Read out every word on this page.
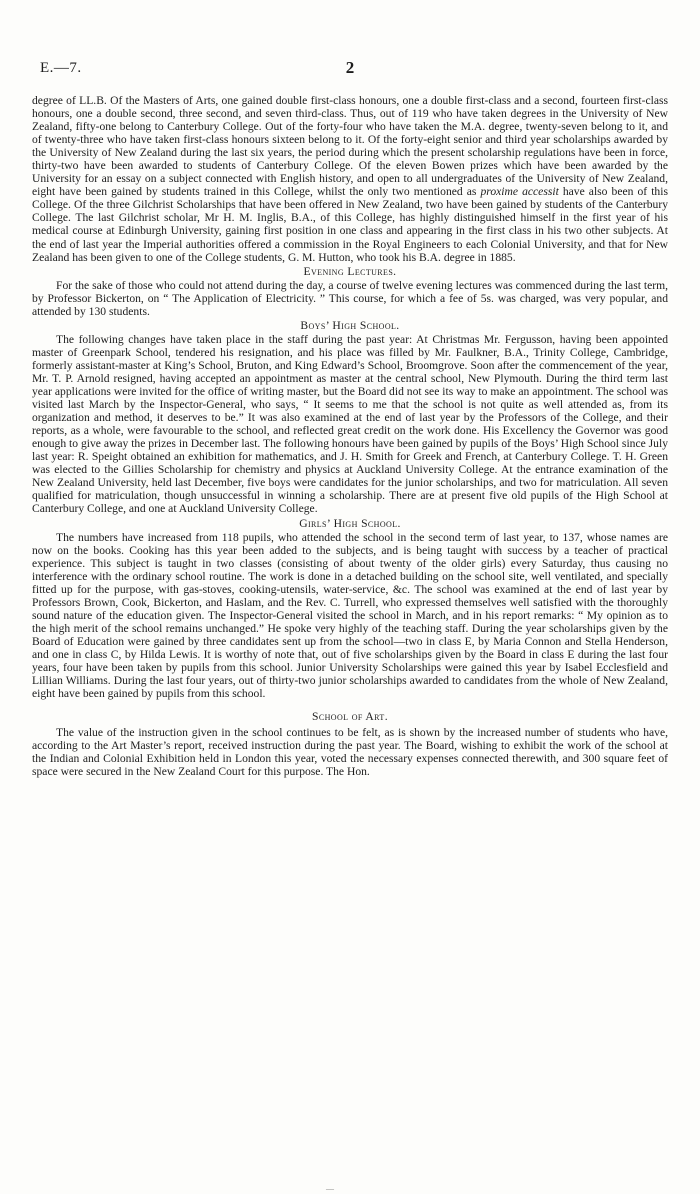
E.—7.	2

degree of LL.B. Of the Masters of Arts, one gained double first-class honours, one a double first-class and a second, fourteen first-class honours, one a double second, three second, and seven third-class. Thus, out of 119 who have taken degrees in the University of New Zealand, fifty-one belong to Canterbury College. Out of the forty-four who have taken the M.A. degree, twenty-seven belong to it, and of twenty-three who have taken first-class honours sixteen belong to it. Of the forty-eight senior and third year scholarships awarded by the University of New Zealand during the last six years, the period during which the present scholarship regulations have been in force, thirty-two have been awarded to students of Canterbury College. Of the eleven Bowen prizes which have been awarded by the University for an essay on a subject connected with English history, and open to all undergraduates of the University of New Zealand, eight have been gained by students trained in this College, whilst the only two mentioned as proxime accessit have also been of this College. Of the three Gilchrist Scholarships that have been offered in New Zealand, two have been gained by students of the Canterbury College. The last Gilchrist scholar, Mr H. M. Inglis, B.A., of this College, has highly distinguished himself in the first year of his medical course at Edinburgh University, gaining first position in one class and appearing in the first class in his two other subjects. At the end of last year the Imperial authorities offered a commission in the Royal Engineers to each Colonial University, and that for New Zealand has been given to one of the College students, G. M. Hutton, who took his B.A. degree in 1885.

Evening Lectures.

For the sake of those who could not attend during the day, a course of twelve evening lectures was commenced during the last term, by Professor Bickerton, on “ The Application of Electricity. ” This course, for which a fee of 5s. was charged, was very popular, and attended by 130 students.

Boys’ High School.

The following changes have taken place in the staff during the past year: At Christmas Mr. Fergusson, having been appointed master of Greenpark School, tendered his resignation, and his place was filled by Mr. Faulkner, B.A., Trinity College, Cambridge, formerly assistant-master at King’s School, Bruton, and King Edward’s School, Broomgrove. Soon after the commencement of the year, Mr. T. P. Arnold resigned, having accepted an appointment as master at the central school, New Plymouth. During the third term last year applications were invited for the office of writing master, but the Board did not see its way to make an appointment. The school was visited last March by the Inspector-General, who says, “ It seems to me that the school is not quite as well attended as, from its organization and method, it deserves to be.” It was also examined at the end of last year by the Professors of the College, and their reports, as a whole, were favourable to the school, and reflected great credit on the work done. His Excellency the Governor was good enough to give away the prizes in December last. The following honours have been gained by pupils of the Boys’ High School since July last year: R. Speight obtained an exhibition for mathematics, and J. H. Smith for Greek and French, at Canterbury College. T. H. Green was elected to the Gillies Scholarship for chemistry and physics at Auckland University College. At the entrance examination of the New Zealand University, held last December, five boys were candidates for the junior scholarships, and two for matriculation. All seven qualified for matriculation, though unsuccessful in winning a scholarship. There are at present five old pupils of the High School at Canterbury College, and one at Auckland University College.

Girls’ High School.

The numbers have increased from 118 pupils, who attended the school in the second term of last year, to 137, whose names are now on the books. Cooking has this year been added to the subjects, and is being taught with success by a teacher of practical experience. This subject is taught in two classes (consisting of about twenty of the older girls) every Saturday, thus causing no interference with the ordinary school routine. The work is done in a detached building on the school site, well ventilated, and specially fitted up for the purpose, with gas-stoves, cooking-utensils, water-service, &c. The school was examined at the end of last year by Professors Brown, Cook, Bickerton, and Haslam, and the Rev. C. Turrell, who expressed themselves well satisfied with the thoroughly sound nature of the education given. The Inspector-General visited the school in March, and in his report remarks: “ My opinion as to the high merit of the school remains unchanged.” He spoke very highly of the teaching staff. During the year scholarships given by the Board of Education were gained by three candidates sent up from the school—two in class E, by Maria Connon and Stella Henderson, and one in class C, by Hilda Lewis. It is worthy of note that, out of five scholarships given by the Board in class E during the last four years, four have been taken by pupils from this school. Junior University Scholarships were gained this year by Isabel Ecclesfield and Lillian Williams. During the last four years, out of thirty-two junior scholarships awarded to candidates from the whole of New Zealand, eight have been gained by pupils from this school.

School of Art.

The value of the instruction given in the school continues to be felt, as is shown by the increased number of students who have, according to the Art Master’s report, received instruction during the past year. The Board, wishing to exhibit the work of the school at the Indian and Colonial Exhibition held in London this year, voted the necessary expenses connected therewith, and 300 square feet of space were secured in the New Zealand Court for this purpose. The Hon.

—
